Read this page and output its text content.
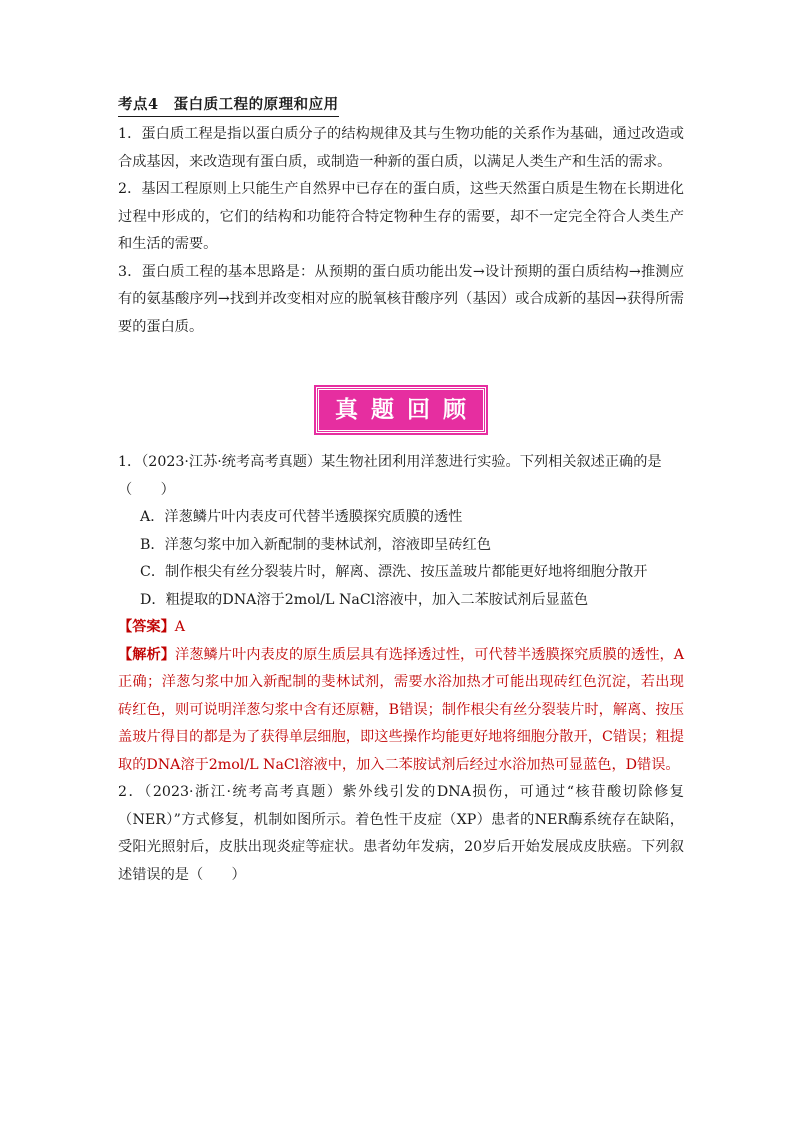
考点4　蛋白质工程的原理和应用

1．蛋白质工程是指以蛋白质分子的结构规律及其与生物功能的关系作为基础，通过改造或合成基因，来改造现有蛋白质，或制造一种新的蛋白质，以满足人类生产和生活的需求。

2．基因工程原则上只能生产自然界中已存在的蛋白质，这些天然蛋白质是生物在长期进化过程中形成的，它们的结构和功能符合特定物种生存的需要，却不一定完全符合人类生产和生活的需要。

3．蛋白质工程的基本思路是：从预期的蛋白质功能出发→设计预期的蛋白质结构→推测应有的氨基酸序列→找到并改变相对应的脱氧核苷酸序列（基因）或合成新的基因→获得所需要的蛋白质。

真题回顾

1．（2023·江苏·统考高考真题）某生物社团利用洋葱进行实验。下列相关叙述正确的是（　　）

A．洋葱鳞片叶内表皮可代替半透膜探究质膜的透性

B．洋葱匀浆中加入新配制的斐林试剂，溶液即呈砖红色

C．制作根尖有丝分裂装片时，解离、漂洗、按压盖玻片都能更好地将细胞分散开

D．粗提取的DNA溶于2mol/L NaCl溶液中，加入二苯胺试剂后显蓝色

【答案】A

【解析】洋葱鳞片叶内表皮的原生质层具有选择透过性，可代替半透膜探究质膜的透性，A正确；洋葱匀浆中加入新配制的斐林试剂，需要水浴加热才可能出现砖红色沉淀，若出现砖红色，则可说明洋葱匀浆中含有还原糖，B错误；制作根尖有丝分裂装片时，解离、按压盖玻片得目的都是为了获得单层细胞，即这些操作均能更好地将细胞分散开，C错误；粗提取的DNA溶于2mol/L NaCl溶液中，加入二苯胺试剂后经过水浴加热可显蓝色，D错误。

2．（2023·浙江·统考高考真题）紫外线引发的DNA损伤，可通过“核苷酸切除修复（NER）”方式修复，机制如图所示。着色性干皮症（XP）患者的NER酶系统存在缺陷，受阳光照射后，皮肤出现炎症等症状。患者幼年发病，20岁后开始发展成皮肤癌。下列叙述错误的是（　　）
